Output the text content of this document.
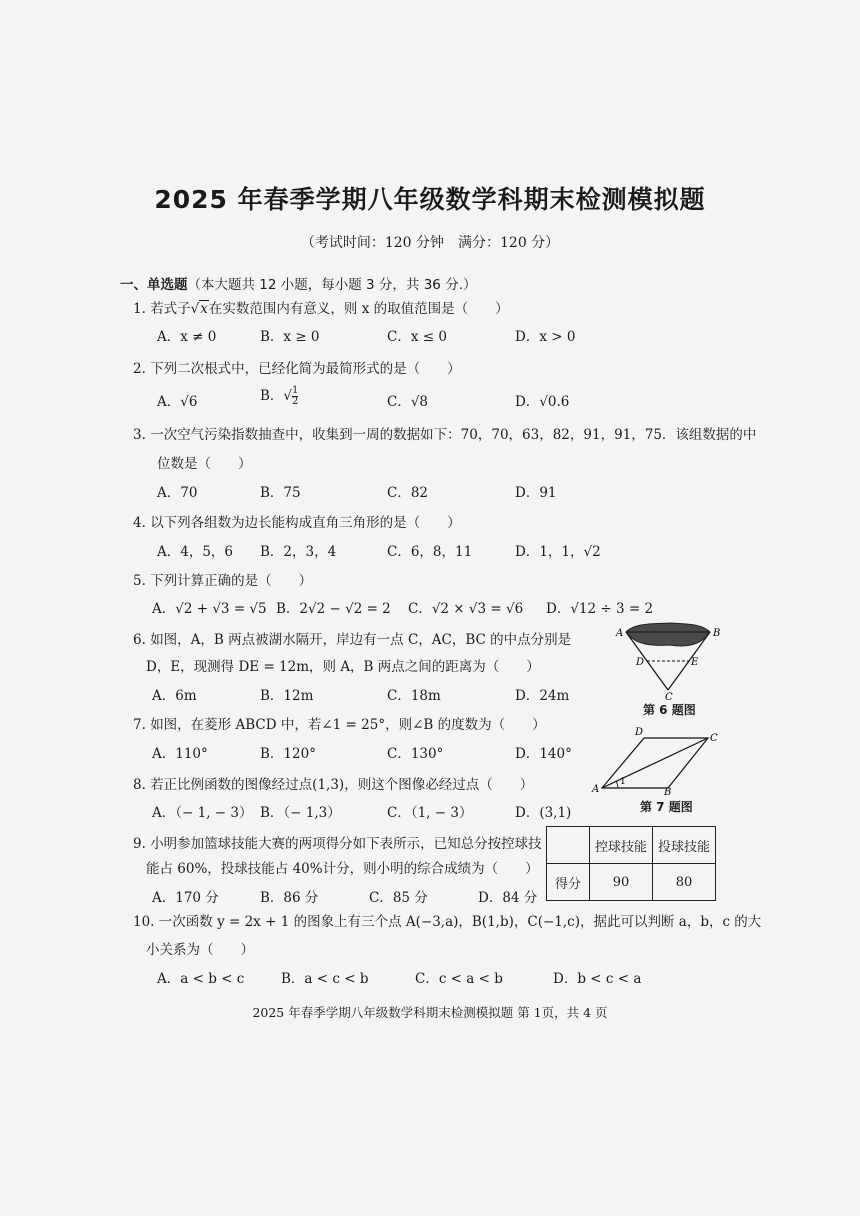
2025 年春季学期八年级数学科期末检测模拟题
（考试时间：120 分钟　满分：120 分）
一、单选题（本大题共 12 小题，每小题 3 分，共 36 分.）
1. 若式子√x在实数范围内有意义，则 x 的取值范围是（　　）
A．x ≠ 0	B．x ≥ 0	C．x ≤ 0	D．x > 0
2. 下列二次根式中，已经化简为最简形式的是（　　）
A．√6	B．√ $\frac{1}{2}$	C．√8	D．√0.6
3. 一次空气污染指数抽查中，收集到一周的数据如下：70，70，63，82，91，91，75．该组数据的中
位数是（　　）
A．70	B．75	C．82	D．91
4. 以下列各组数为边长能构成直角三角形的是（　　）
A．4，5，6 B．2，3，4	C．6，8，11	D．1，1，√2
5. 下列计算正确的是（　　）
A．√2 + √3 = √5 B．2√2 − √2 = 2 C．√2 × √3 = √6 D．√12 ÷ 3 = 2
6. 如图，A，B 两点被湖水隔开，岸边有一点 C，AC，BC 的中点分别是
D，E，现测得 DE = 12m，则 A，B 两点之间的距离为（　　）
A．6m	B．12m	C．18m	D．24m
A	B
D	E
C
第 6 题图
7. 如图，在菱形 ABCD 中，若∠1 = 25°，则∠B 的度数为（　　）
A．110°	B．120°	C．130°	D．140°
D
C
A	B
1
第 7 题图
8. 若正比例函数的图像经过点(1,3)，则这个图像必经过点（　　）
A．（− 1, − 3） B．（− 1,3）	C．（1, − 3）	D．(3,1)
9. 小明参加篮球技能大赛的两项得分如下表所示，已知总分按控球技
能占 60%，投球技能占 40%计分，则小明的综合成绩为（　　）
A．170 分	B．86 分	C．85 分	D．84 分
	控球技能	投球技能
得分	90	80
10. 一次函数 y = 2x + 1 的图象上有三个点 A(−3,a)，B(1,b)，C(−1,c)，据此可以判断 a，b，c 的大
小关系为（　　）
A．a < b < c	B．a < c < b	C．c < a < b	D．b < c < a
2025 年春季学期八年级数学科期末检测模拟题 第 1页，共 4 页
